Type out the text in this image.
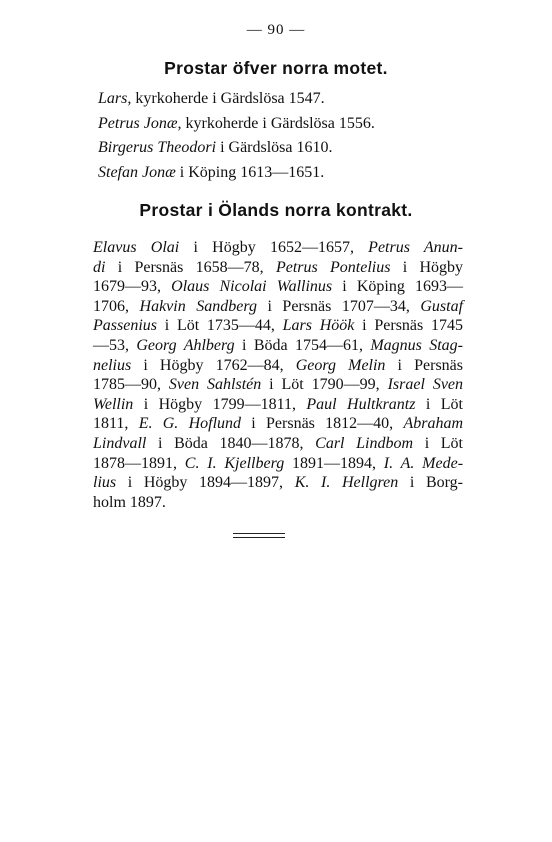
— 90 —
Prostar öfver norra motet.
Lars, kyrkoherde i Gärdslösa 1547.
Petrus Jonæ, kyrkoherde i Gärdslösa 1556.
Birgerus Theodori i Gärdslösa 1610.
Stefan Jonæ i Köping 1613—1651.
Prostar i Ölands norra kontrakt.
Elavus Olai i Högby 1652—1657, Petrus Anun-
di i Persnäs 1658—78, Petrus Pontelius i Högby
1679—93, Olaus Nicolai Wallinus i Köping 1693—
1706, Hakvin Sandberg i Persnäs 1707—34, Gustaf
Passenius i Löt 1735—44, Lars Höök i Persnäs 1745
—53, Georg Ahlberg i Böda 1754—61, Magnus Stag-
nelius i Högby 1762—84, Georg Melin i Persnäs
1785—90, Sven Sahlstén i Löt 1790—99, Israel Sven
Wellin i Högby 1799—1811, Paul Hultkrantz i Löt
1811, E. G. Hoflund i Persnäs 1812—40, Abraham
Lindvall i Böda 1840—1878, Carl Lindbom i Löt
1878—1891, C. I. Kjellberg 1891—1894, I. A. Mede-
lius i Högby 1894—1897, K. I. Hellgren i Borg-
holm 1897.
